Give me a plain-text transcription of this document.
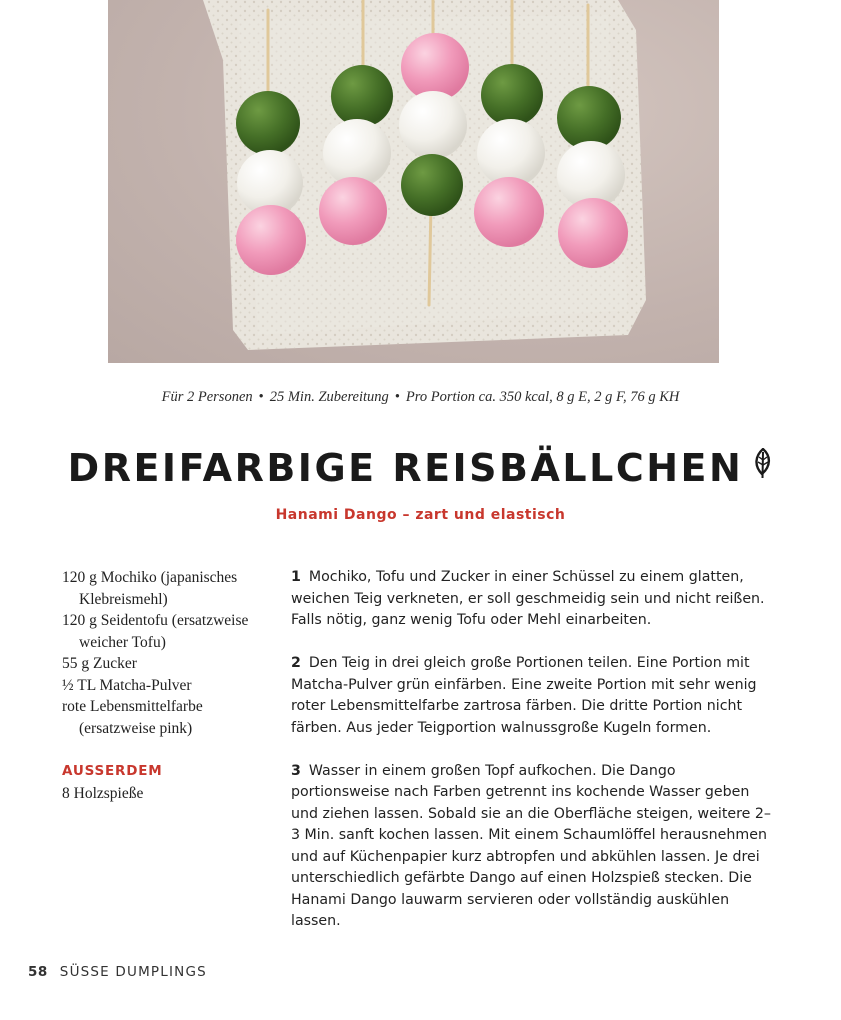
Für 2 Personen • 25 Min. Zubereitung • Pro Portion ca. 350 kcal, 8 g E, 2 g F, 76 g KH
DREIFARBIGE REISBÄLLCHEN
Hanami Dango – zart und elastisch
120 g Mochiko (japanisches Klebreismehl)
120 g Seidentofu (ersatzweise weicher Tofu)
55 g Zucker
½ TL Matcha-Pulver
rote Lebensmittelfarbe (ersatzweise pink)
AUSSERDEM
8 Holzspieße
1 Mochiko, Tofu und Zucker in einer Schüssel zu einem glatten, weichen Teig verkneten, er soll geschmeidig sein und nicht reißen. Falls nötig, ganz wenig Tofu oder Mehl einarbeiten.
2 Den Teig in drei gleich große Portionen teilen. Eine Portion mit Matcha-Pulver grün einfärben. Eine zweite Portion mit sehr wenig roter Lebensmittelfarbe zartrosa färben. Die dritte Portion nicht färben. Aus jeder Teigportion walnussgroße Kugeln formen.
3 Wasser in einem großen Topf aufkochen. Die Dango portionsweise nach Farben getrennt ins kochende Wasser geben und ziehen lassen. Sobald sie an die Oberfläche steigen, weitere 2–3 Min. sanft kochen lassen. Mit einem Schaumlöffel herausnehmen und auf Küchenpapier kurz abtropfen und abkühlen lassen. Je drei unterschiedlich gefärbte Dango auf einen Holzspieß stecken. Die Hanami Dango lauwarm servieren oder vollständig auskühlen lassen.
58 SÜSSE DUMPLINGS
